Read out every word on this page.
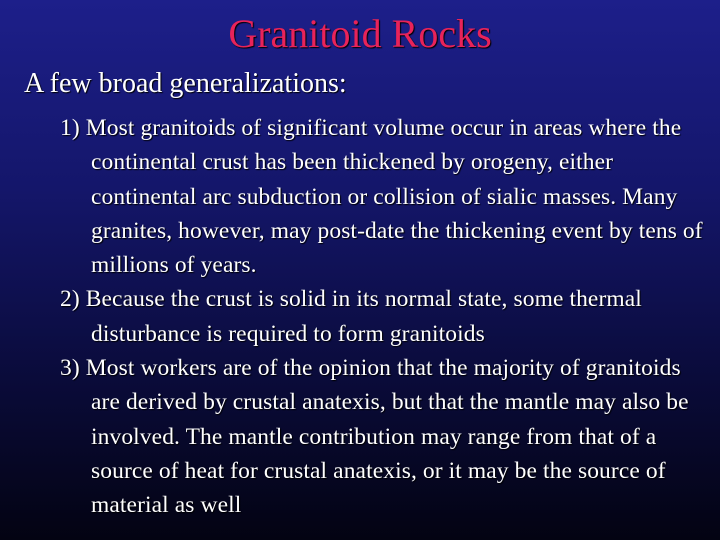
Granitoid Rocks
A few broad generalizations:
1) Most granitoids of significant volume occur in areas where the continental crust has been thickened by orogeny, either continental arc subduction or collision of sialic masses. Many granites, however, may post-date the thickening event by tens of millions of years.
2) Because the crust is solid in its normal state, some thermal disturbance is required to form granitoids
3) Most workers are of the opinion that the majority of granitoids are derived by crustal anatexis, but that the mantle may also be involved. The mantle contribution may range from that of a source of heat for crustal anatexis, or it may be the source of material as well
